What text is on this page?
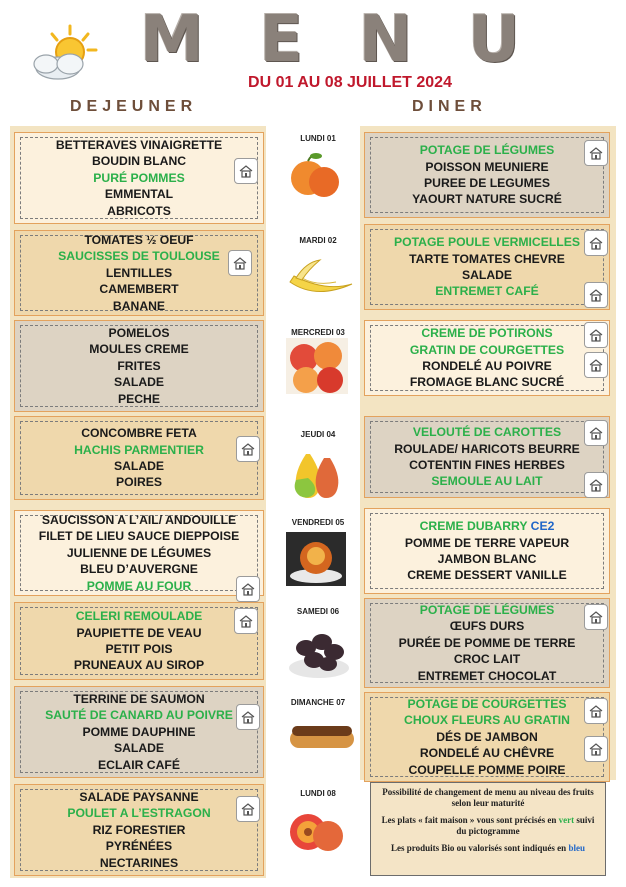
M E N U
DU 01 AU 08 JUILLET 2024
DEJEUNER	DINER
BETTERAVES VINAIGRETTE
BOUDIN BLANC
PURÉ POMMES
EMMENTAL
ABRICOTS
POTAGE DE LÉGUMES
POISSON MEUNIERE
PUREE DE LEGUMES
YAOURT NATURE SUCRÉ
LUNDI 01
TOMATES ½ OEUF
SAUCISSES DE TOULOUSE
LENTILLES
CAMEMBERT
BANANE
POTAGE POULE VERMICELLES
TARTE TOMATES CHEVRE
SALADE
ENTREMET CAFÉ
MARDI 02
POMELOS
MOULES CREME
FRITES
SALADE
PECHE
CREME DE POTIRONS
GRATIN DE COURGETTES
RONDELÉ AU POIVRE
FROMAGE BLANC SUCRÉ
MERCREDI 03
CONCOMBRE FETA
HACHIS PARMENTIER
SALADE
POIRES
VELOUTÉ DE CAROTTES
ROULADE/ HARICOTS BEURRE
COTENTIN FINES HERBES
SEMOULE AU LAIT
JEUDI 04
SAUCISSON A L’AIL/ ANDOUILLE
FILET DE LIEU SAUCE DIEPPOISE
JULIENNE DE LÉGUMES
BLEU D’AUVERGNE
POMME AU FOUR
CREME DUBARRY CE2
POMME DE TERRE VAPEUR
JAMBON BLANC
CREME DESSERT VANILLE
VENDREDI 05
CELERI REMOULADE
PAUPIETTE DE VEAU
PETIT POIS
PRUNEAUX AU SIROP
POTAGE DE LÉGUMES
ŒUFS DURS
PURÉE DE POMME DE TERRE
CROC LAIT
ENTREMET CHOCOLAT
SAMEDI 06
TERRINE DE SAUMON
SAUTÉ DE CANARD AU POIVRE
POMME DAUPHINE
SALADE
ECLAIR CAFÉ
POTAGE DE COURGETTES
CHOUX FLEURS AU GRATIN
DÉS DE JAMBON
RONDELÉ AU CHÊVRE
COUPELLE POMME POIRE
DIMANCHE 07
SALADE PAYSANNE
POULET A L’ESTRAGON
RIZ FORESTIER
PYRÉNÉES
NECTARINES
LUNDI 08	Possibilité de changement de menu au niveau des fruits selon leur maturité

Les plats « fait maison » vous sont précisés en vert suivi du pictogramme

Les produits Bio ou valorisés sont indiqués en bleu
